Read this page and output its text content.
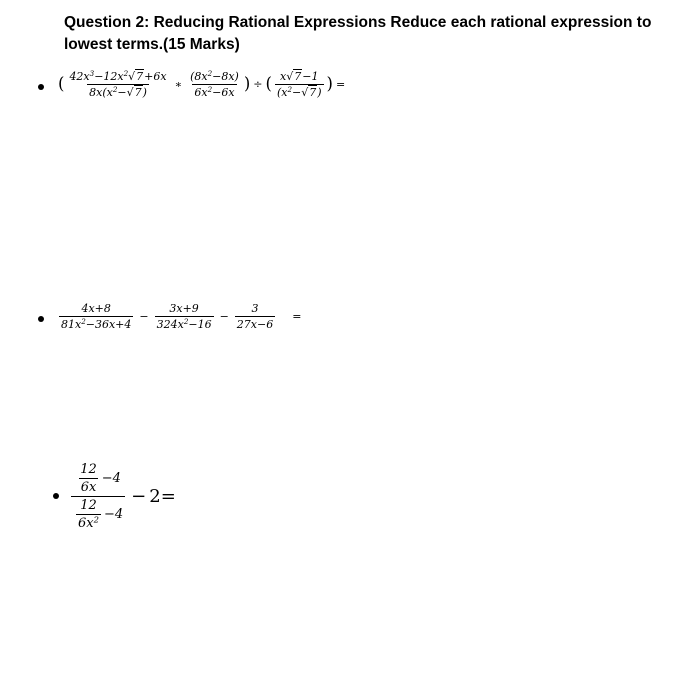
Question 2: Reducing Rational Expressions Reduce each rational expression to lowest terms.(15 Marks)
( $\frac{42x^3-12x^2√7+6x}{8x(x^2-√7)}$ ∗ $\frac{(8x^2-8x)}{6x^2-6x}$ ) ÷ ( $\frac{x√7-1}{(x^2-√7)}$ ) =
$\frac{4x+8}{81x^2-36x+4} - \frac{3x+9}{324x^2-16} - \frac{3}{27x-6}$ =
$\frac{\frac{12}{6x} -4}{\frac{12}{6x^2} -4} - 2$ =
